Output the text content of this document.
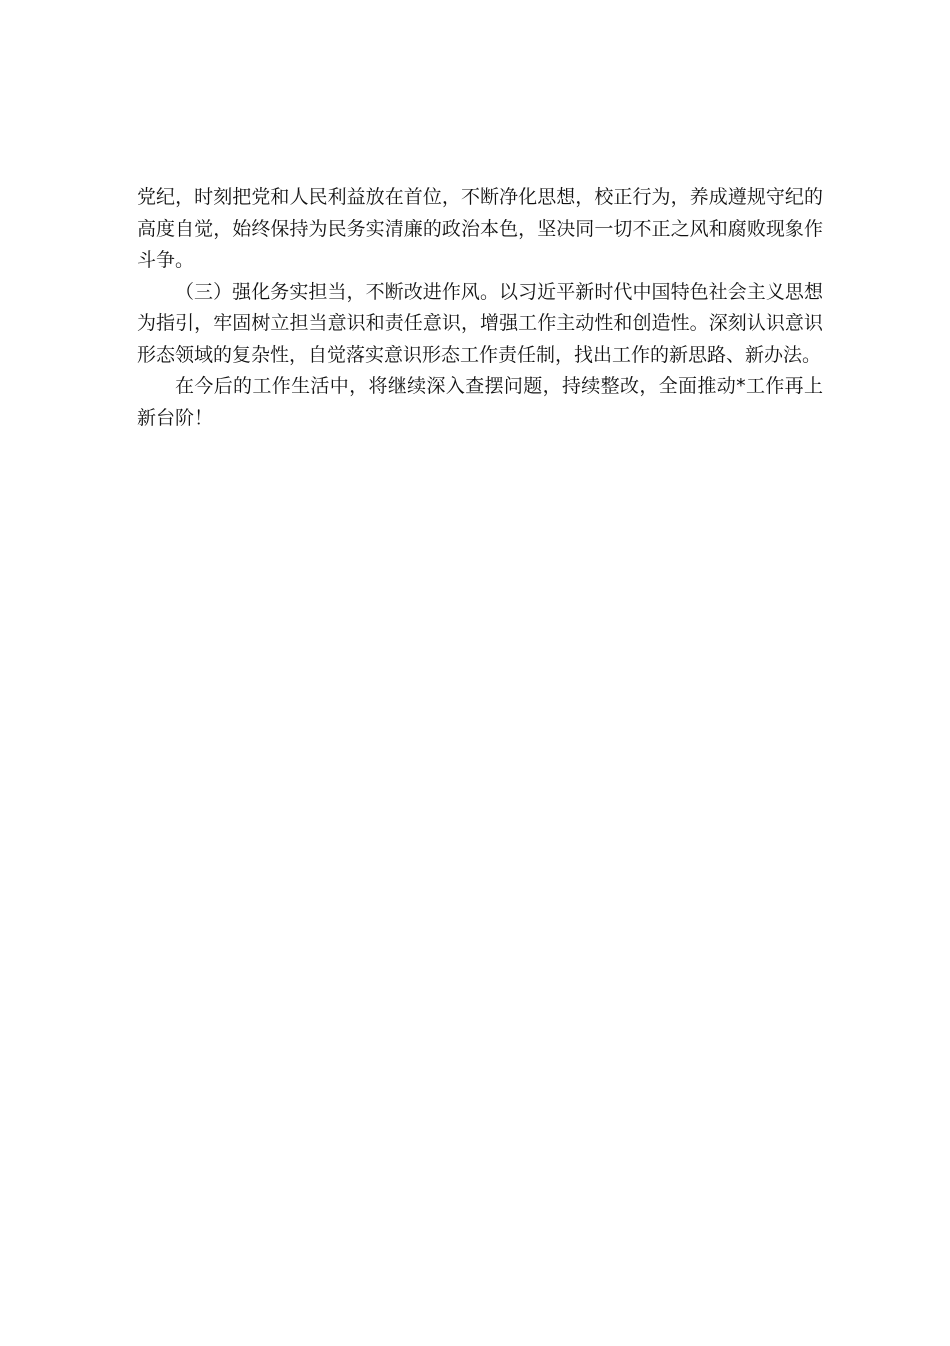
党纪，时刻把党和人民利益放在首位，不断净化思想，校正行为，养成遵规守纪的高度自觉，始终保持为民务实清廉的政治本色，坚决同一切不正之风和腐败现象作斗争。

（三）强化务实担当，不断改进作风。以习近平新时代中国特色社会主义思想为指引，牢固树立担当意识和责任意识，增强工作主动性和创造性。深刻认识意识形态领域的复杂性，自觉落实意识形态工作责任制，找出工作的新思路、新办法。

在今后的工作生活中，将继续深入查摆问题，持续整改，全面推动*工作再上新台阶！
